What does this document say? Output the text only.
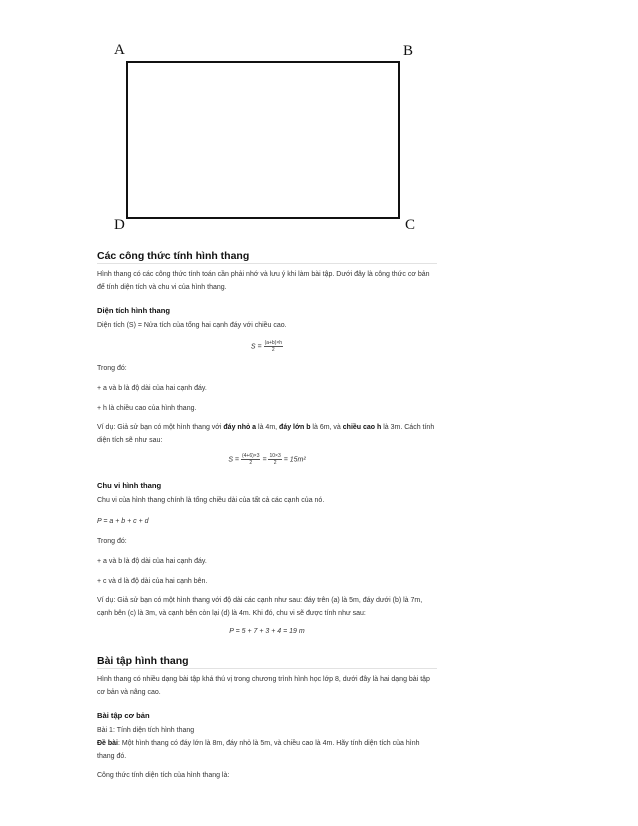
A	B
D	C
Các công thức tính hình thang
Hình thang có các công thức tính toán cần phải nhớ và lưu ý khi làm bài tập. Dưới đây là công thức cơ bản
để tính diện tích và chu vi của hình thang.
Diện tích hình thang
Diện tích (S) = Nửa tích của tổng hai cạnh đáy với chiều cao.
$S = \frac{(a+b)\times h}{2}$
Trong đó:
+ a và b là độ dài của hai cạnh đáy.
+ h là chiều cao của hình thang.
Ví dụ: Giả sử bạn có một hình thang với đáy nhỏ a là 4m, đáy lớn b là 6m, và chiều cao h là 3m. Cách tính
diện tích sẽ như sau:
$S = \frac{(4+6)\times 3}{2} = \frac{10\times 3}{2} = 15m^2$
Chu vi hình thang
Chu vi của hình thang chính là tổng chiều dài của tất cả các cạnh của nó.
P = a + b + c + d
Trong đó:
+ a và b là độ dài của hai cạnh đáy.
+ c và d là độ dài của hai cạnh bên.
Ví dụ: Giả sử bạn có một hình thang với độ dài các cạnh như sau: đáy trên (a) là 5m, đáy dưới (b) là 7m,
cạnh bên (c) là 3m, và cạnh bên còn lại (d) là 4m. Khi đó, chu vi sẽ được tính như sau:
P = 5 + 7 + 3 + 4 = 19 m
Bài tập hình thang
Hình thang có nhiều dạng bài tập khá thú vị trong chương trình hình học lớp 8, dưới đây là hai dạng bài tập
cơ bản và nâng cao.
Bài tập cơ bản
Bài 1: Tính diện tích hình thang
Đề bài: Một hình thang có đáy lớn là 8m, đáy nhỏ là 5m, và chiều cao là 4m. Hãy tính diện tích của hình
thang đó.
Công thức tính diện tích của hình thang là:
